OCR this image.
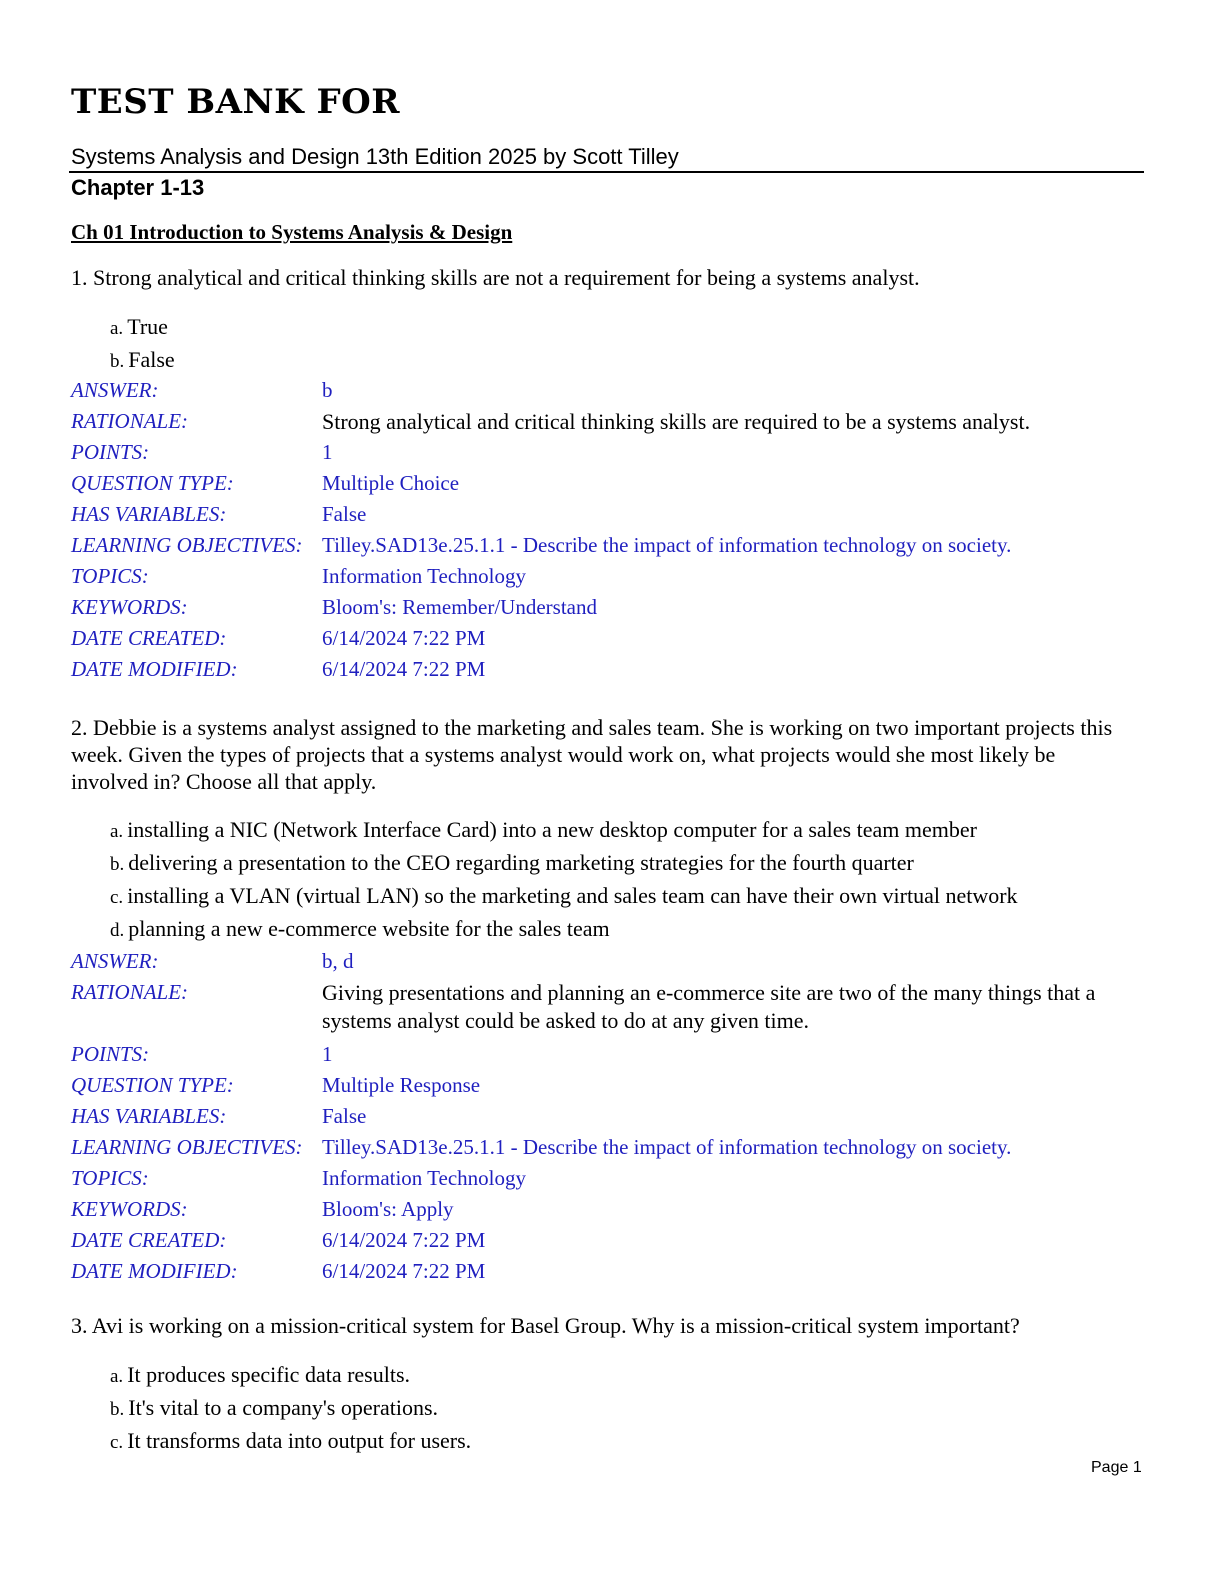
TEST BANK FOR
Systems Analysis and Design 13th Edition 2025 by Scott Tilley
Chapter 1-13
Ch 01 Introduction to Systems Analysis & Design
1. Strong analytical and critical thinking skills are not a requirement for being a systems analyst.
a. True
b. False
ANSWER:	b
RATIONALE:	Strong analytical and critical thinking skills are required to be a systems analyst.
POINTS:	1
QUESTION TYPE:	Multiple Choice
HAS VARIABLES:	False
LEARNING OBJECTIVES: Tilley.SAD13e.25.1.1 - Describe the impact of information technology on society.
TOPICS:	Information Technology
KEYWORDS:	Bloom's: Remember/Understand
DATE CREATED:	6/14/2024 7:22 PM
DATE MODIFIED:	6/14/2024 7:22 PM
2. Debbie is a systems analyst assigned to the marketing and sales team. She is working on two important projects this week. Given the types of projects that a systems analyst would work on, what projects would she most likely be involved in? Choose all that apply.
a. installing a NIC (Network Interface Card) into a new desktop computer for a sales team member
b. delivering a presentation to the CEO regarding marketing strategies for the fourth quarter
c. installing a VLAN (virtual LAN) so the marketing and sales team can have their own virtual network
d. planning a new e-commerce website for the sales team
ANSWER:	b, d
RATIONALE:	Giving presentations and planning an e-commerce site are two of the many things that a systems analyst could be asked to do at any given time.
POINTS:	1
QUESTION TYPE:	Multiple Response
HAS VARIABLES:	False
LEARNING OBJECTIVES: Tilley.SAD13e.25.1.1 - Describe the impact of information technology on society.
TOPICS:	Information Technology
KEYWORDS:	Bloom's: Apply
DATE CREATED:	6/14/2024 7:22 PM
DATE MODIFIED:	6/14/2024 7:22 PM
3. Avi is working on a mission-critical system for Basel Group. Why is a mission-critical system important?
a. It produces specific data results.
b. It's vital to a company's operations.
c. It transforms data into output for users.
Page 1
